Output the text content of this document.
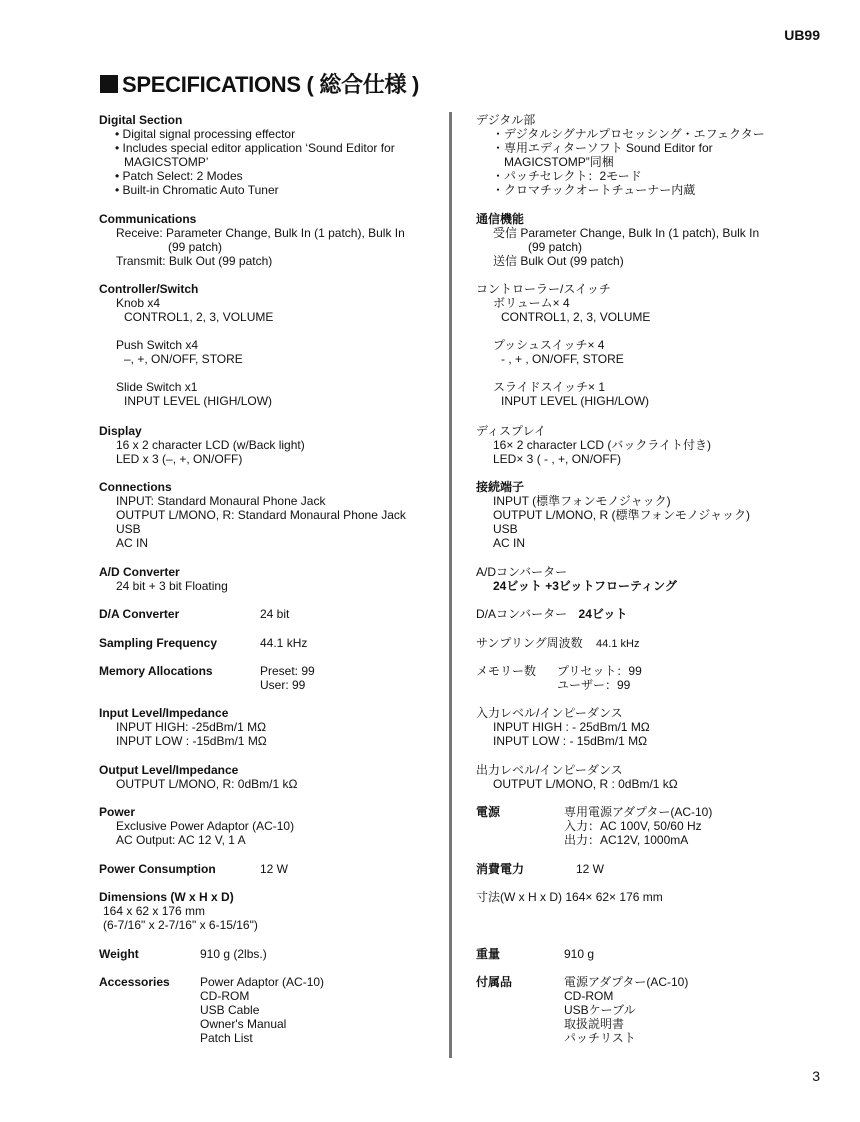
UB99
SPECIFICATIONS ( 総合仕様 )
Digital Section
• Digital signal processing effector
• Includes special editor application ‘Sound Editor for
MAGICSTOMP’
• Patch Select: 2 Modes
• Built-in Chromatic Auto Tuner
Communications
Receive: Parameter Change, Bulk In (1 patch), Bulk In
(99 patch)
Transmit: Bulk Out (99 patch)
Controller/Switch
Knob x4
CONTROL1, 2, 3, VOLUME
Push Switch x4
–, +, ON/OFF, STORE
Slide Switch x1
INPUT LEVEL (HIGH/LOW)
Display
16 x 2 character LCD (w/Back light)
LED x 3 (–, +, ON/OFF)
Connections
INPUT: Standard Monaural Phone Jack
OUTPUT L/MONO, R: Standard Monaural Phone Jack
USB
AC IN
A/D Converter
24 bit + 3 bit Floating
D/A Converter	24 bit
Sampling Frequency	44.1 kHz
Memory Allocations	Preset: 99
User: 99
Input Level/Impedance
INPUT HIGH: -25dBm/1 MΩ
INPUT LOW : -15dBm/1 MΩ
Output Level/Impedance
OUTPUT L/MONO, R: 0dBm/1 kΩ
Power
Exclusive Power Adaptor (AC-10)
AC Output: AC 12 V, 1 A
Power Consumption	12 W
Dimensions (W x H x D)
164 x 62 x 176 mm
(6-7/16" x 2-7/16" x 6-15/16")
Weight	910 g (2lbs.)
Accessories	Power Adaptor (AC-10)
CD-ROM
USB Cable
Owner's Manual
Patch List
デジタル部
・ デジタルシグナルプロセッシング・エフェクター
・ 専用エディターソフト Sound Editor for
MAGICSTOMP”同梱
・ パッチセレクト：2モード
・ クロマチックオートチューナー内蔵
通信機能
受信 Parameter Change, Bulk In (1 patch), Bulk In
(99 patch)
送信 Bulk Out (99 patch)
コントローラー/スイッチ
ボリューム× 4
CONTROL1, 2, 3, VOLUME
プッシュスイッチ× 4
- , + , ON/OFF, STORE
スライドスイッチ× 1
INPUT LEVEL (HIGH/LOW)
ディスプレイ
16× 2 character LCD (バックライト付き)
LED× 3 ( - , +, ON/OFF)
接続端子
INPUT (標準フォンモノジャック)
OUTPUT L/MONO, R (標準フォンモノジャック)
USB
AC IN
A/Dコンバーター
24ビット +3ビットフローティング
D/Aコンバーター 24ビット
サンプリング周波数 44.1 kHz
メモリー数 プリセット：99
ユーザー：99
入力レベル/インピーダンス
INPUT HIGH : - 25dBm/1 MΩ
INPUT LOW : - 15dBm/1 MΩ
出力レベル/インピーダンス
OUTPUT L/MONO, R : 0dBm/1 kΩ
電源	専用電源アダプター(AC-10)
入力：AC 100V, 50/60 Hz
出力：AC12V, 1000mA
消費電力	12 W
寸法(W x H x D) 164× 62× 176 mm
重量	910 g
付属品	電源アダプター(AC-10)
CD-ROM
USBケーブル
取扱説明書
パッチリスト
3
